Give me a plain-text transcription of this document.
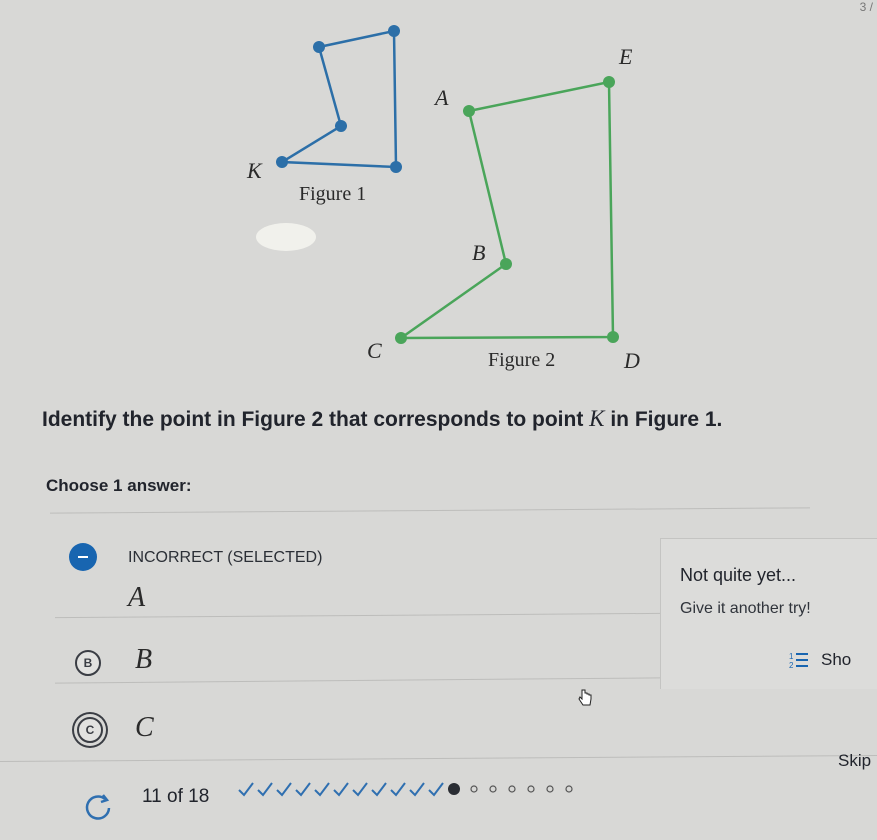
3 /
K
Figure 1
E
A
B
C	D
Figure 2
Identify the point in Figure 2 that corresponds to point K in Figure 1.
Choose 1 answer:
INCORRECT (SELECTED)
A
B	B
C	C
Not quite yet...
Give it another try!
1
2 Sho
Skip
11 of 18
